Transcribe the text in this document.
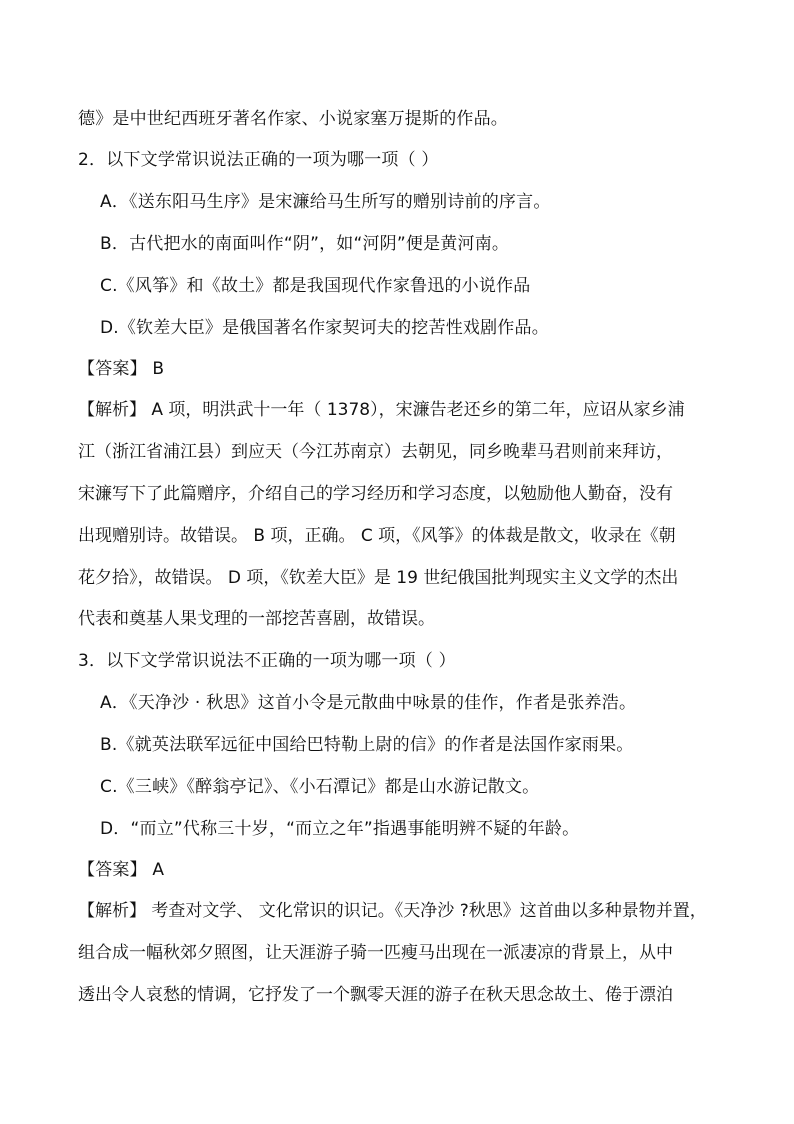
德》是中世纪西班牙著名作家、小说家塞万提斯的作品。
2．以下文学常识说法正确的一项为哪一项（ ）
A．《送东阳马生序》是宋濂给马生所写的赠别诗前的序言。
B．古代把水的南面叫作“阴”，如“河阴”便是黄河南。
C.《风筝》和《故土》都是我国现代作家鲁迅的小说作品
D.《钦差大臣》是俄国著名作家契诃夫的挖苦性戏剧作品。
【答案】 B
【解析】 A 项，明洪武十一年（ 1378），宋濂告老还乡的第二年，应诏从家乡浦
江（浙江省浦江县）到应天（今江苏南京）去朝见，同乡晚辈马君则前来拜访，
宋濂写下了此篇赠序，介绍自己的学习经历和学习态度，以勉励他人勤奋，没有
出现赠别诗。故错误。 B 项，正确。 C 项，《风筝》的体裁是散文，收录在《朝
花夕拾》，故错误。 D 项，《钦差大臣》是 19 世纪俄国批判现实主义文学的杰出
代表和奠基人果戈理的一部挖苦喜剧，故错误。
3．以下文学常识说法不正确的一项为哪一项（ ）
A．《天净沙 · 秋思》这首小令是元散曲中咏景的佳作，作者是张养浩。
B.《就英法联军远征中国给巴特勒上尉的信》的作者是法国作家雨果。
C.《三峡》《醉翁亭记》、《小石潭记》都是山水游记散文。
D．“而立”代称三十岁，“而立之年”指遇事能明辨不疑的年龄。
【答案】 A
【解析】 考查对文学、 文化常识的识记。《天净沙 ?秋思》这首曲以多种景物并置，
组合成一幅秋郊夕照图，让天涯游子骑一匹瘦马出现在一派凄凉的背景上，从中
透出令人哀愁的情调，它抒发了一个飘零天涯的游子在秋天思念故土、倦于漂泊
